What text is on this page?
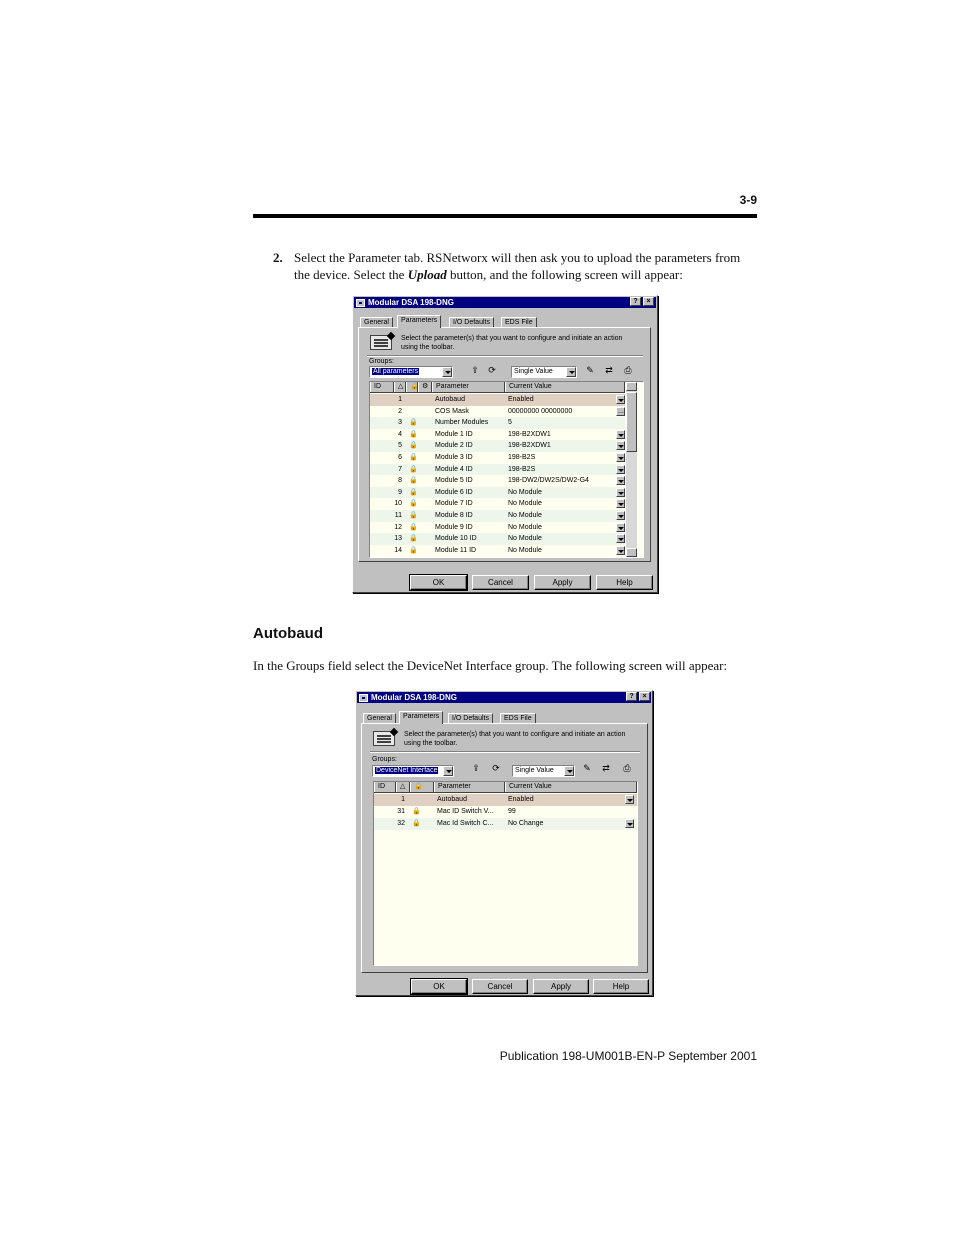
3-9
2. Select the Parameter tab. RSNetworx will then ask you to upload the parameters from the device. Select the Upload button, and the following screen will appear:
Modular DSA 198-DNG	?	×
General	Parameters	I/O Defaults	EDS File
Select the parameter(s) that you want to configure and initiate an action using the toolbar.
Groups:
All parameters	⇪ ⟳	Single Value	✎ ⇄ ⎙
ID	△ 🔒 ⚙	Parameter	Current Value
1	Autobaud	Enabled
2	COS Mask	00000000 00000000
...
3 🔒 Number Modules	5
4 🔒 Module 1 ID	198-B2XDW1
5 🔒 Module 2 ID	198-B2XDW1
6 🔒 Module 3 ID	198-B2S
7 🔒 Module 4 ID	198-B2S
8 🔒 Module 5 ID	198-DW2/DW2S/DW2-G4
9 🔒 Module 6 ID	No Module
10 🔒 Module 7 ID	No Module
11 🔒 Module 8 ID	No Module
12 🔒 Module 9 ID	No Module
13 🔒 Module 10 ID	No Module
14 🔒 Module 11 ID	No Module
OK	Cancel	Apply	Help
Autobaud
In the Groups field select the DeviceNet Interface group. The following screen will appear:
Modular DSA 198-DNG	?	×
General	Parameters	I/O Defaults	EDS File
Select the parameter(s) that you want to configure and initiate an action using the toolbar.
Groups:
DeviceNet Interface	⇪ ⟳	Single Value	✎ ⇄ ⎙
ID	△	🔒	Parameter	Current Value
1	Autobaud	Enabled
31 🔒 Mac ID Switch V...	99
32 🔒 Mac Id Switch C...	No Change
OK	Cancel	Apply	Help
Publication 198-UM001B-EN-P September 2001
